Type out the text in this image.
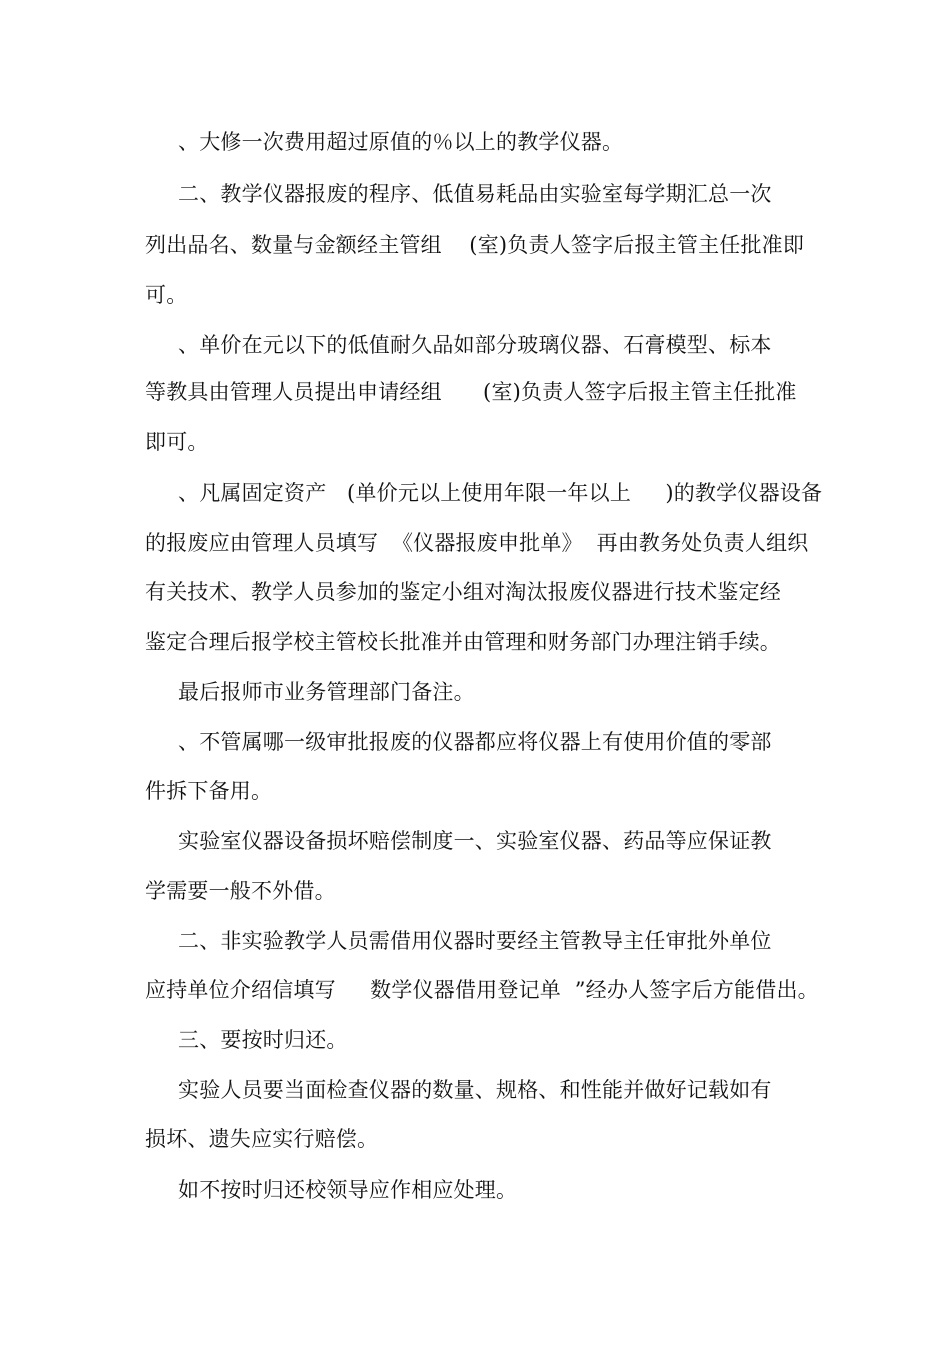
、大修一次费用超过原值的％以上的教学仪器。
二、教学仪器报废的程序、低值易耗品由实验室每学期汇总一次
列出品名、数量与金额经主管组    (室)负责人签字后报主管主任批准即
可。
、单价在元以下的低值耐久品如部分玻璃仪器、石膏模型、标本
等教具由管理人员提出申请经组      (室)负责人签字后报主管主任批准
即可。
、凡属固定资产   (单价元以上使用年限一年以上     )的教学仪器设备
的报废应由管理人员填写  《仪器报废申批单》  再由教务处负责人组织
有关技术、教学人员参加的鉴定小组对淘汰报废仪器进行技术鉴定经
鉴定合理后报学校主管校长批准并由管理和财务部门办理注销手续。
最后报师市业务管理部门备注。
、不管属哪一级审批报废的仪器都应将仪器上有使用价值的零部
件拆下备用。
实验室仪器设备损坏赔偿制度一、实验室仪器、药品等应保证教
学需要一般不外借。
二、非实验教学人员需借用仪器时要经主管教导主任审批外单位
应持单位介绍信填写     数学仪器借用登记单  ”经办人签字后方能借出。
三、要按时归还。
实验人员要当面检查仪器的数量、规格、和性能并做好记载如有
损坏、遗失应实行赔偿。
如不按时归还校领导应作相应处理。
